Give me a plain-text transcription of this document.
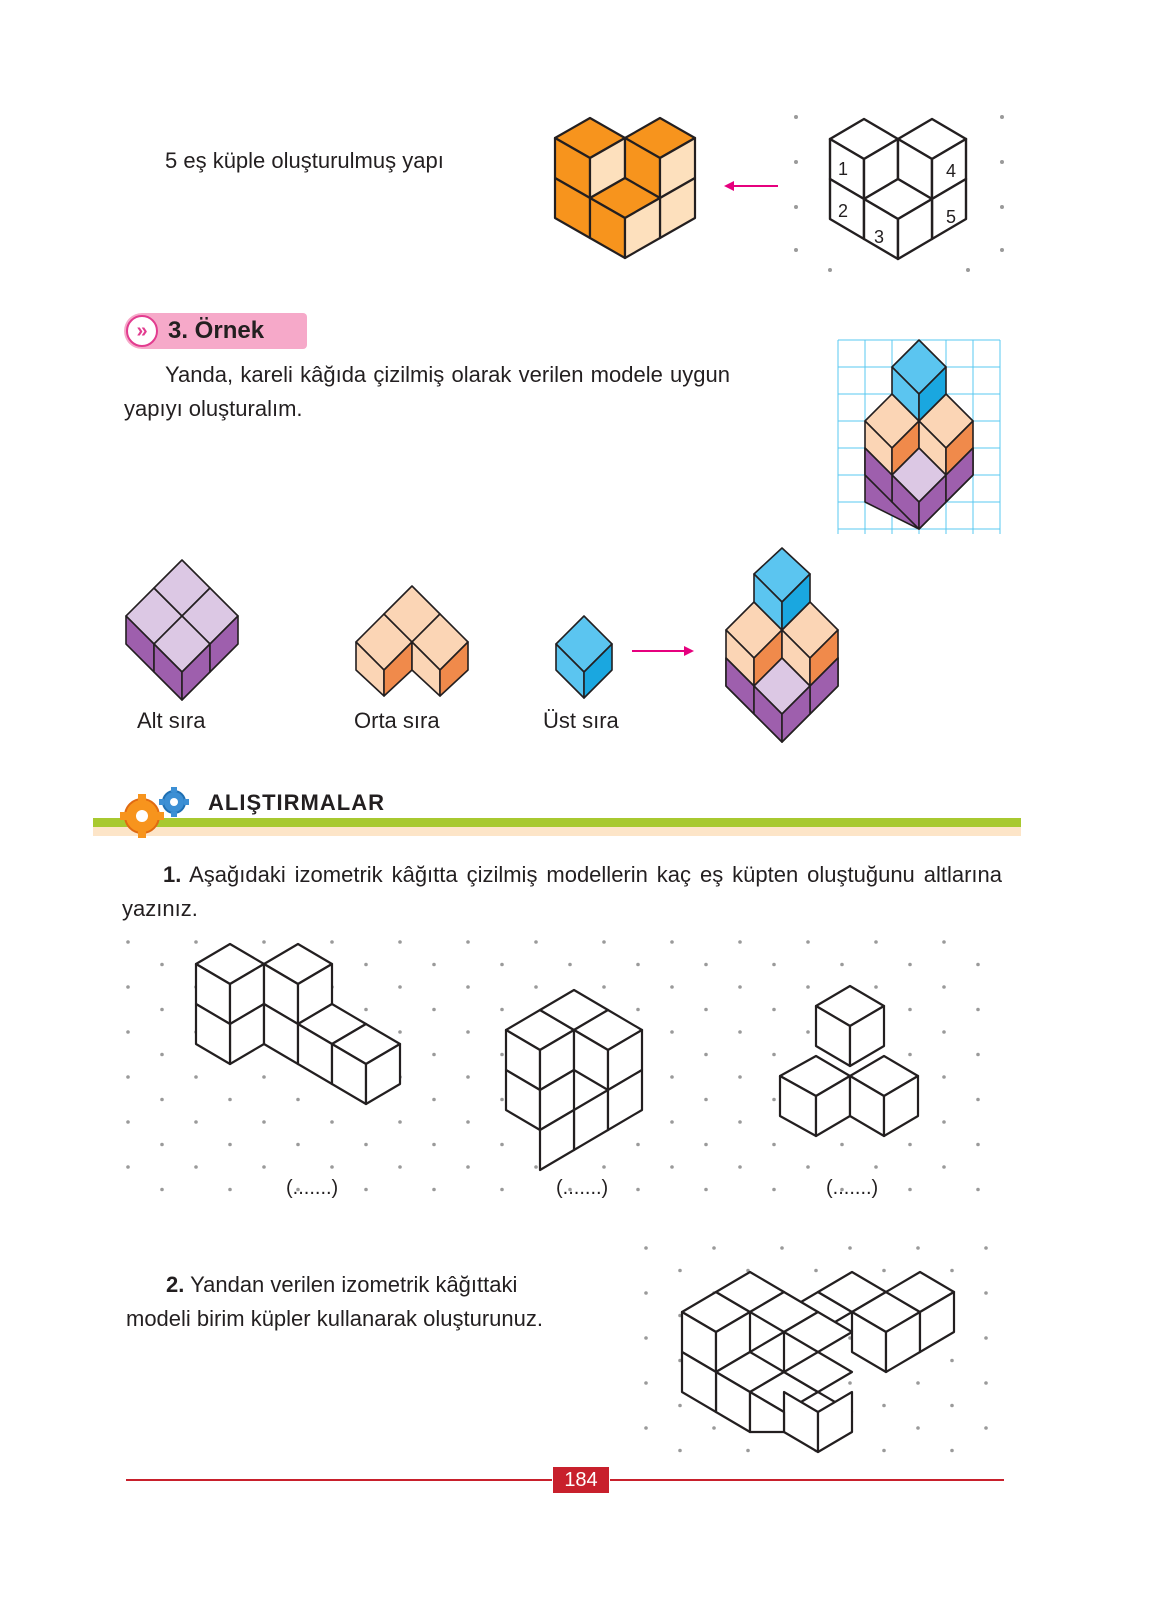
5 eş küple oluşturulmuş yapı	1
2
3
4
5
» 3. Örnek
Yanda, kareli kâğıda çizilmiş olarak verilen modele uygun yapıyı oluşturalım.
Alt sıra	Orta sıra	Üst sıra
ALIŞTIRMALAR
1. Aşağıdaki izometrik kâğıtta çizilmiş modellerin kaç eş küpten oluştuğunu altlarına yazınız.
(.......)	(.......)	(.......)
2. Yandan verilen izometrik kâğıttaki
modeli birim küpler kullanarak oluşturunuz.
184
